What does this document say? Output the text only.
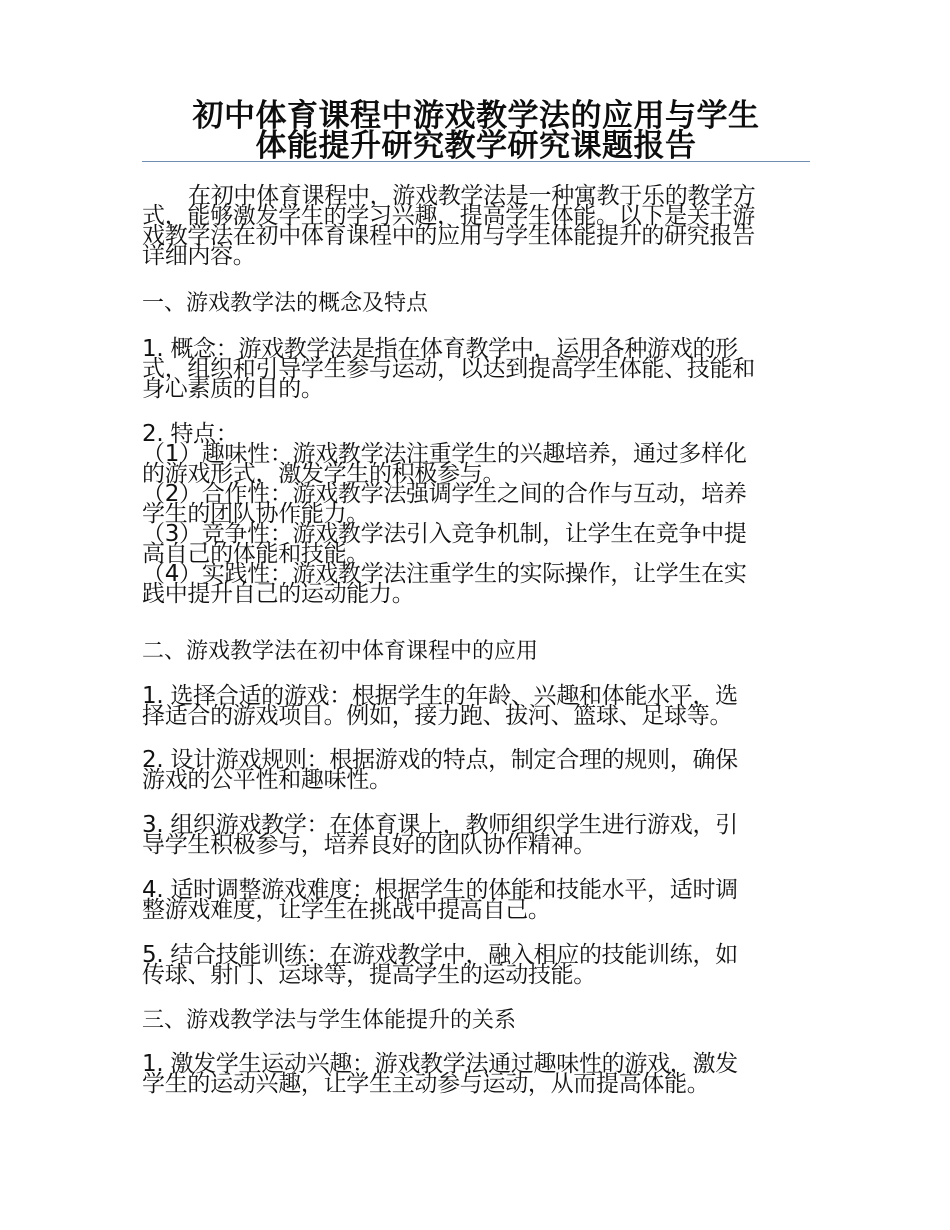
初中体育课程中游戏教学法的应用与学生
体能提升研究教学研究课题报告
在初中体育课程中，游戏教学法是一种寓教于乐的教学方
式，能够激发学生的学习兴趣，提高学生体能。以下是关于游
戏教学法在初中体育课程中的应用与学生体能提升的研究报告
详细内容。
一、游戏教学法的概念及特点
1. 概念：游戏教学法是指在体育教学中，运用各种游戏的形
式，组织和引导学生参与运动，以达到提高学生体能、技能和
身心素质的目的。
2. 特点：
（1）趣味性：游戏教学法注重学生的兴趣培养，通过多样化
的游戏形式，激发学生的积极参与。
（2）合作性：游戏教学法强调学生之间的合作与互动，培养
学生的团队协作能力。
（3）竞争性：游戏教学法引入竞争机制，让学生在竞争中提
高自己的体能和技能。
（4）实践性：游戏教学法注重学生的实际操作，让学生在实
践中提升自己的运动能力。
二、游戏教学法在初中体育课程中的应用
1. 选择合适的游戏：根据学生的年龄、兴趣和体能水平，选
择适合的游戏项目。例如，接力跑、拔河、篮球、足球等。
2. 设计游戏规则：根据游戏的特点，制定合理的规则，确保
游戏的公平性和趣味性。
3. 组织游戏教学：在体育课上，教师组织学生进行游戏，引
导学生积极参与，培养良好的团队协作精神。
4. 适时调整游戏难度：根据学生的体能和技能水平，适时调
整游戏难度，让学生在挑战中提高自己。
5. 结合技能训练：在游戏教学中，融入相应的技能训练，如
传球、射门、运球等，提高学生的运动技能。
三、游戏教学法与学生体能提升的关系
1. 激发学生运动兴趣：游戏教学法通过趣味性的游戏，激发
学生的运动兴趣，让学生主动参与运动，从而提高体能。
